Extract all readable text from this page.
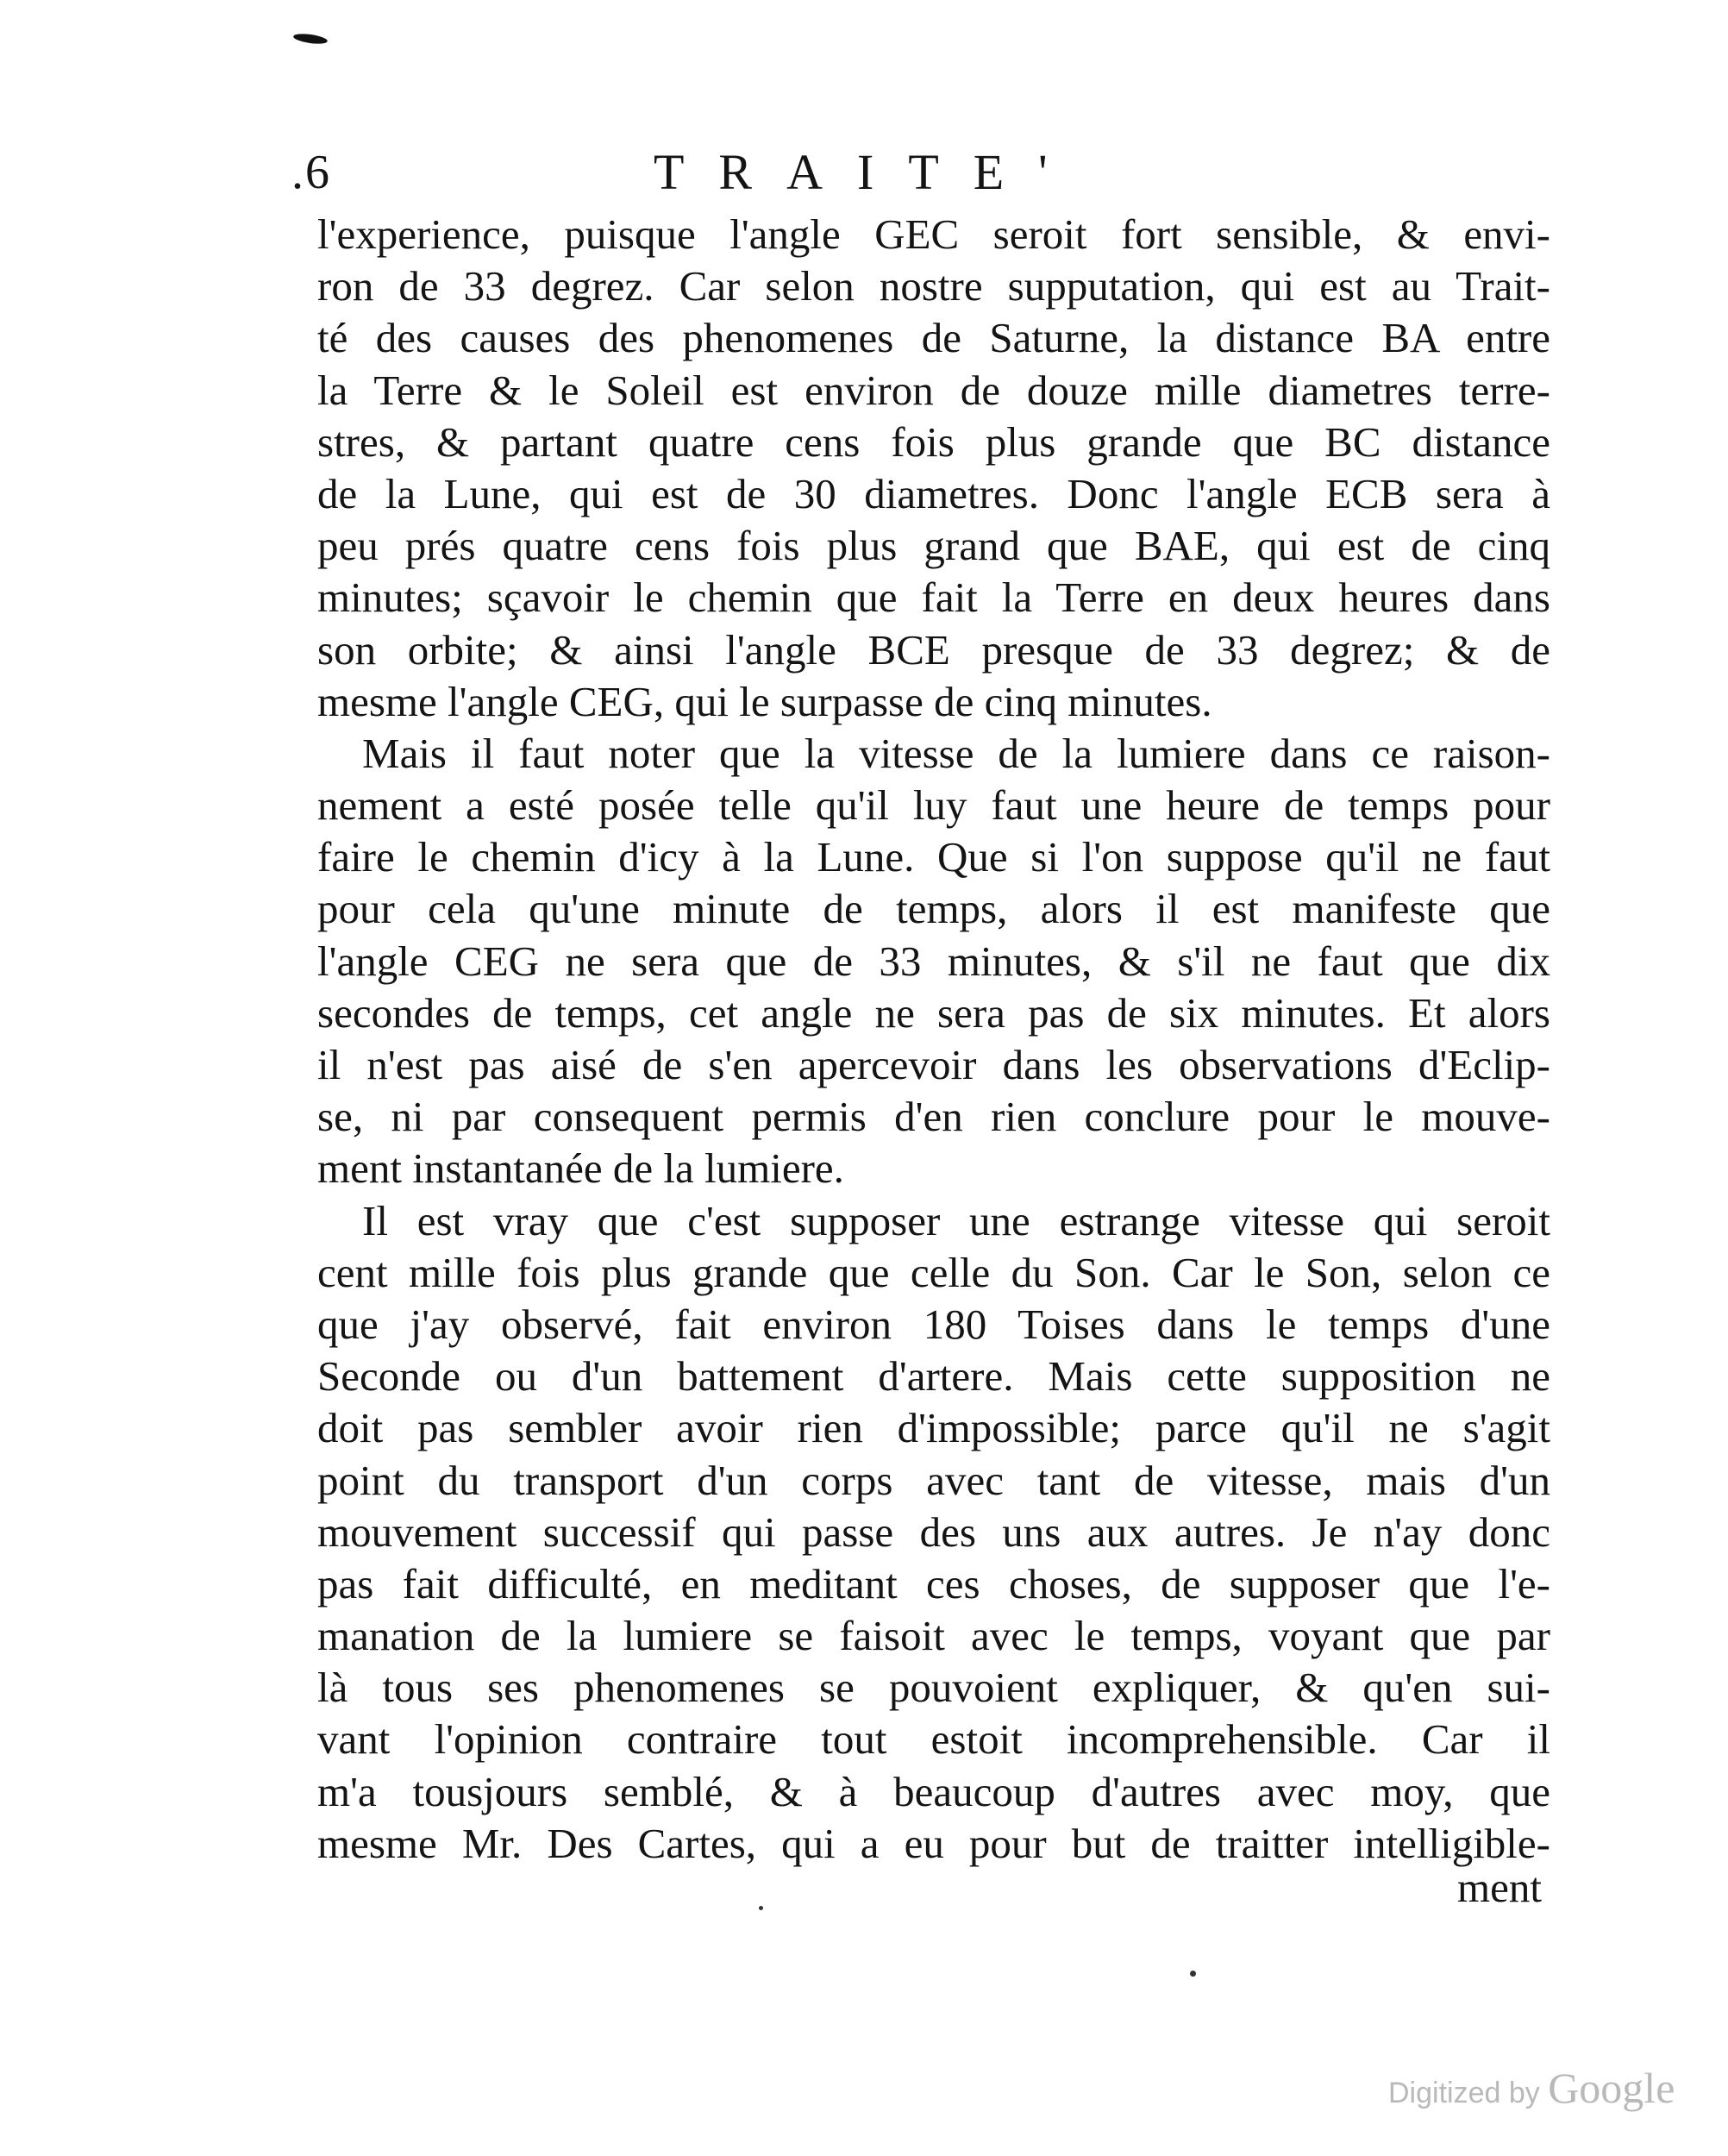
.6	TRAITE'
l'experience, puisque l'angle GEC seroit fort sensible, & envi-
ron de 33 degrez. Car selon nostre supputation, qui est au Trait-
té des causes des phenomenes de Saturne, la distance BA entre
la Terre & le Soleil est environ de douze mille diametres terre-
stres, & partant quatre cens fois plus grande que BC distance
de la Lune, qui est de 30 diametres. Donc l'angle ECB sera à
peu prés quatre cens fois plus grand que BAE, qui est de cinq
minutes; sçavoir le chemin que fait la Terre en deux heures dans
son orbite; & ainsi l'angle BCE presque de 33 degrez; & de
mesme l'angle CEG, qui le surpasse de cinq minutes.
Mais il faut noter que la vitesse de la lumiere dans ce raison-
nement a esté posée telle qu'il luy faut une heure de temps pour
faire le chemin d'icy à la Lune. Que si l'on suppose qu'il ne faut
pour cela qu'une minute de temps, alors il est manifeste que
l'angle CEG ne sera que de 33 minutes, & s'il ne faut que dix
secondes de temps, cet angle ne sera pas de six minutes. Et alors
il n'est pas aisé de s'en apercevoir dans les observations d'Eclip-
se, ni par consequent permis d'en rien conclure pour le mouve-
ment instantanée de la lumiere.
Il est vray que c'est supposer une estrange vitesse qui seroit
cent mille fois plus grande que celle du Son. Car le Son, selon ce
que j'ay observé, fait environ 180 Toises dans le temps d'une
Seconde ou d'un battement d'artere. Mais cette supposition ne
doit pas sembler avoir rien d'impossible; parce qu'il ne s'agit
point du transport d'un corps avec tant de vitesse, mais d'un
mouvement successif qui passe des uns aux autres. Je n'ay donc
pas fait difficulté, en meditant ces choses, de supposer que l'e-
manation de la lumiere se faisoit avec le temps, voyant que par
là tous ses phenomenes se pouvoient expliquer, & qu'en sui-
vant l'opinion contraire tout estoit incomprehensible. Car il
m'a tousjours semblé, & à beaucoup d'autres avec moy, que
mesme Mr. Des Cartes, qui a eu pour but de traitter intelligible-
ment
Digitized by Google
